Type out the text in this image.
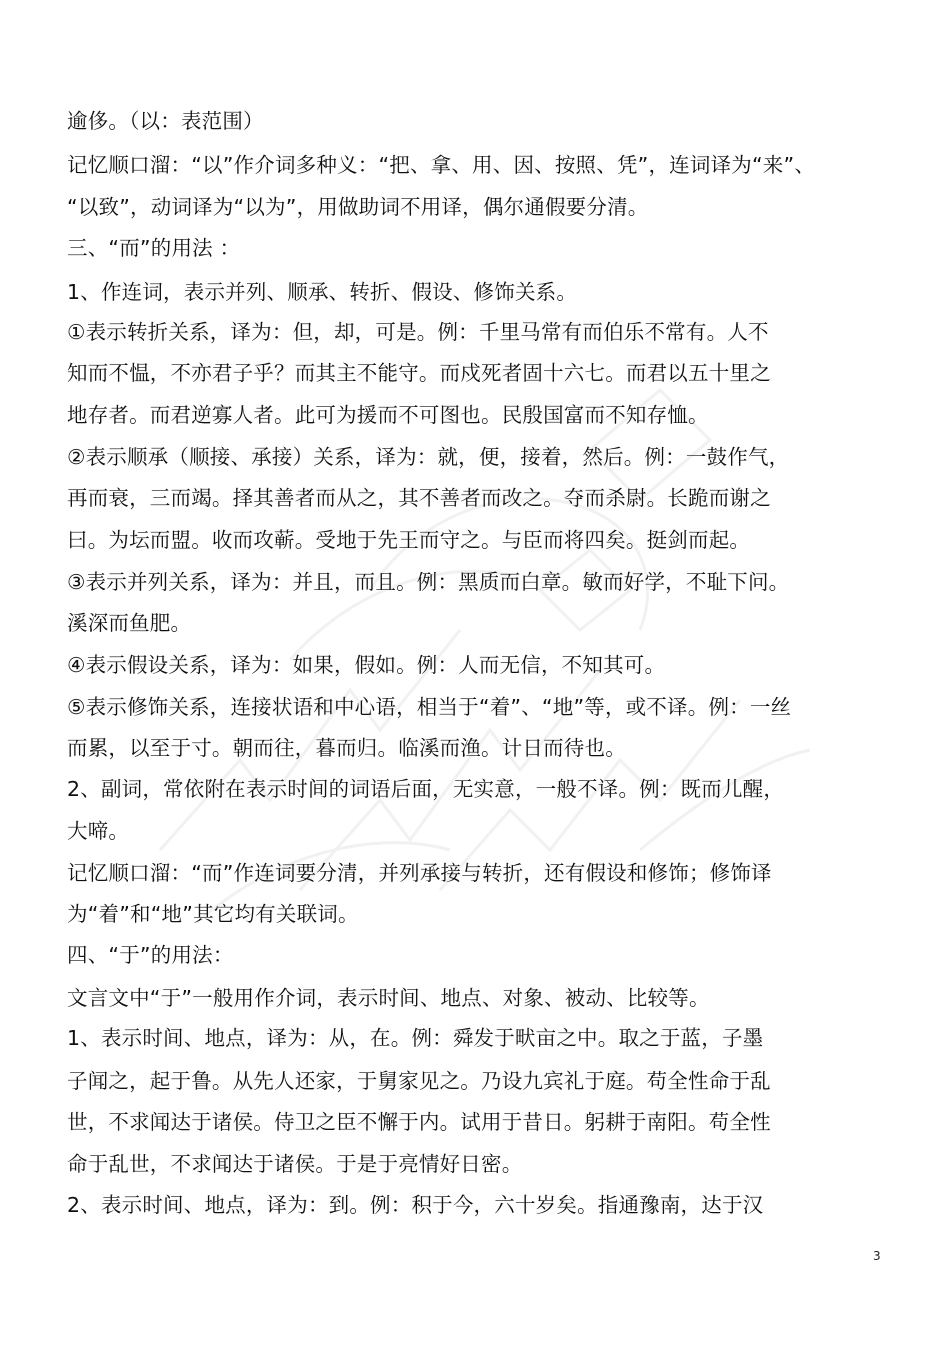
逾侈。（以：表范围）
记忆顺口溜：“以”作介词多种义：“把、拿、用、因、按照、凭”，连词译为“来”、
“以致”，动词译为“以为”，用做助词不用译，偶尔通假要分清。
三、“而”的用法 ：
1、作连词，表示并列、顺承、转折、假设、修饰关系。
①表示转折关系，译为：但，却，可是。例：千里马常有而伯乐不常有。人不
知而不愠，不亦君子乎？而其主不能守。而戍死者固十六七。而君以五十里之
地存者。而君逆寡人者。此可为援而不可图也。民殷国富而不知存恤。
②表示顺承（顺接、承接）关系，译为：就，便，接着，然后。例：一鼓作气，
再而衰，三而竭。择其善者而从之，其不善者而改之。夺而杀尉。长跪而谢之
曰。为坛而盟。收而攻蕲。受地于先王而守之。与臣而将四矣。挺剑而起。
③表示并列关系，译为：并且，而且。例：黑质而白章。敏而好学，不耻下问。
溪深而鱼肥。
④表示假设关系，译为：如果，假如。例：人而无信，不知其可。
⑤表示修饰关系，连接状语和中心语，相当于“着”、“地”等，或不译。例：一丝
而累，以至于寸。朝而往，暮而归。临溪而渔。计日而待也。
2、副词，常依附在表示时间的词语后面，无实意，一般不译。例：既而儿醒，
大啼。
记忆顺口溜：“而”作连词要分清，并列承接与转折，还有假设和修饰；修饰译
为“着”和“地”其它均有关联词。
四、“于”的用法：
文言文中“于”一般用作介词，表示时间、地点、对象、被动、比较等。
1、表示时间、地点，译为：从，在。例：舜发于畎亩之中。取之于蓝，子墨
子闻之，起于鲁。从先人还家，于舅家见之。乃设九宾礼于庭。苟全性命于乱
世，不求闻达于诸侯。侍卫之臣不懈于内。试用于昔日。躬耕于南阳。苟全性
命于乱世，不求闻达于诸侯。于是于亮情好日密。
2、表示时间、地点，译为：到。例：积于今，六十岁矣。指通豫南，达于汉
3
